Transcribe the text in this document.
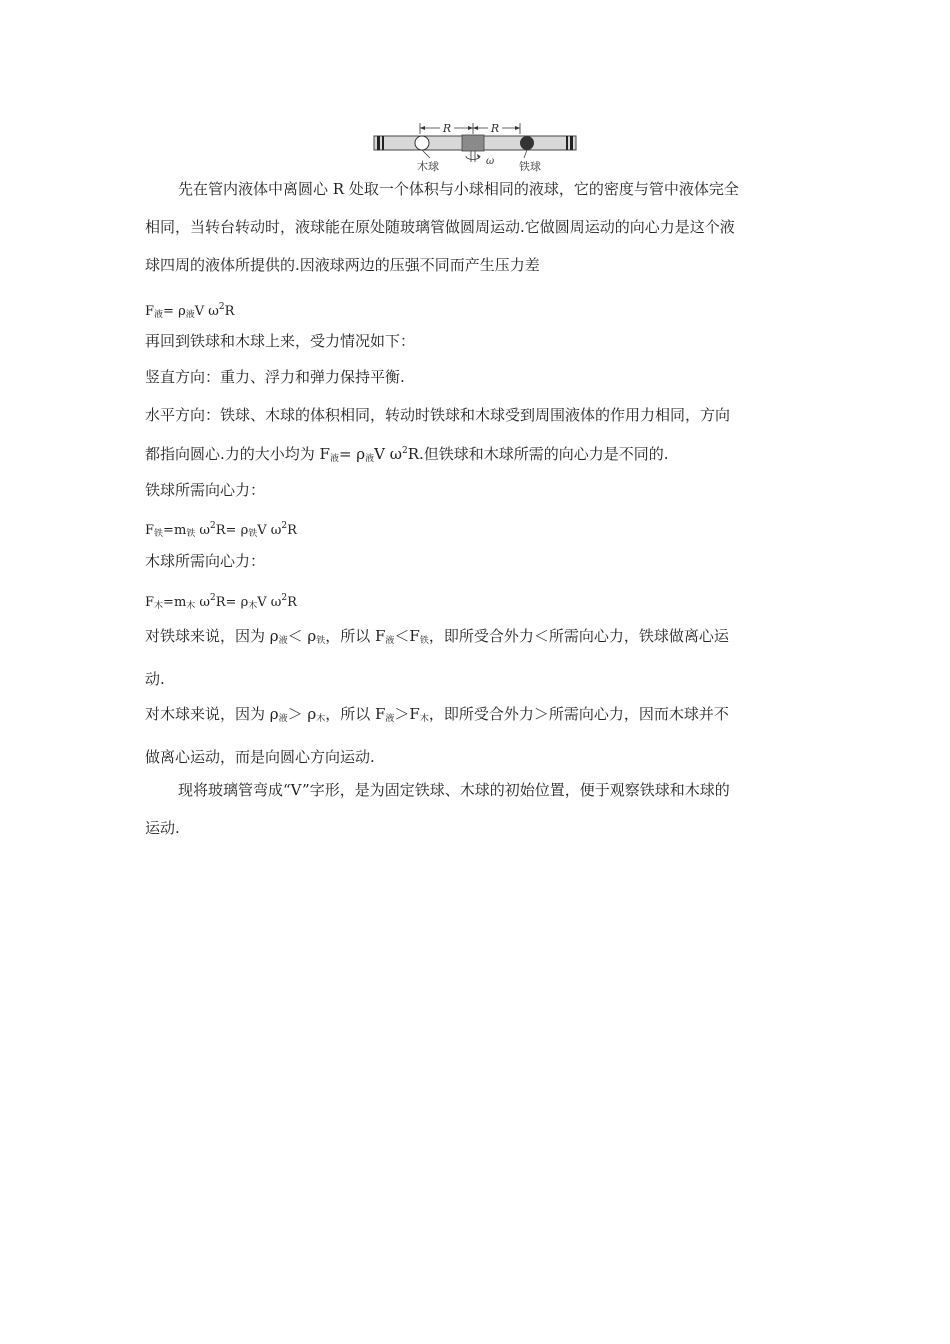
R	R
ω
木球	铁球
先在管内液体中离圆心 R 处取一个体积与小球相同的液球，它的密度与管中液体完全
相同，当转台转动时，液球能在原处随玻璃管做圆周运动.它做圆周运动的向心力是这个液
球四周的液体所提供的.因液球两边的压强不同而产生压力差
$F_液= \rho_液V$ $\omega^2R$
再回到铁球和木球上来，受力情况如下：
竖直方向：重力、浮力和弹力保持平衡.
水平方向：铁球、木球的体积相同，转动时铁球和木球受到周围液体的作用力相同，方向
都指向圆心.力的大小均为 $F_液= \rho_液V$ $\omega^2R$.但铁球和木球所需的向心力是不同的.
铁球所需向心力：
$F_铁=m_铁$ $\omega^2R= \rho_铁V$ $\omega^2R$
木球所需向心力：
$F_木=m_木$ $\omega^2R= \rho_木V$ $\omega^2R$
对铁球来说，因为 $\rho_液< \rho_铁$，所以 $F_液<F_铁$，即所受合外力＜所需向心力，铁球做离心运
动.
对木球来说，因为 $\rho_液> \rho_木$，所以 $F_液>F_木$，即所受合外力＞所需向心力，因而木球并不
做离心运动，而是向圆心方向运动.
现将玻璃管弯成“V”字形，是为固定铁球、木球的初始位置，便于观察铁球和木球的
运动.
